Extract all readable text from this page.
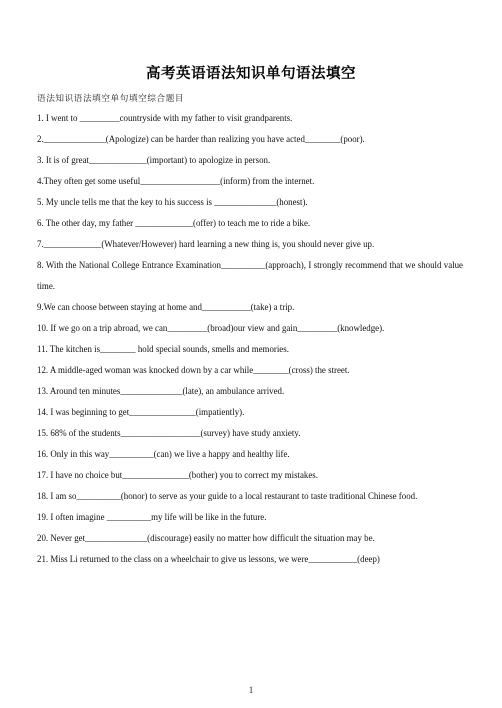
高考英语语法知识单句语法填空
语法知识语法填空单句填空综合题目
1. I went to _________countryside with my father to visit grandparents.
2.______________(Apologize) can be harder than realizing you have acted________(poor).
3. It is of great_____________(important) to apologize in person.
4.They often get some useful__________________(inform) from the internet.
5. My uncle tells me that the key to his success is ______________(honest).
6. The other day, my father _____________(offer) to teach me to ride a bike.
7._____________(Whatever/However) hard learning a new thing is, you should never give up.
8. With the National College Entrance Examination__________(approach), I strongly recommend that we should value time.
9.We can choose between staying at home and___________(take) a trip.
10. If we go on a trip abroad, we can_________(broad)our view and gain_________(knowledge).
11. The kitchen is________ hold special sounds, smells and memories.
12. A middle-aged woman was knocked down by a car while________(cross) the street.
13. Around ten minutes______________(late), an ambulance arrived.
14. I was beginning to get_______________(impatiently).
15. 68% of the students__________________(survey) have study anxiety.
16. Only in this way__________(can) we live a happy and healthy life.
17. I have no choice but_______________(bother) you to correct my mistakes.
18. I am so__________(honor) to serve as your guide to a local restaurant to taste traditional Chinese food.
19. I often imagine __________my life will be like in the future.
20. Never get______________(discourage) easily no matter how difficult the situation may be.
21. Miss Li returned to the class on a wheelchair to give us lessons, we were___________(deep)
1
